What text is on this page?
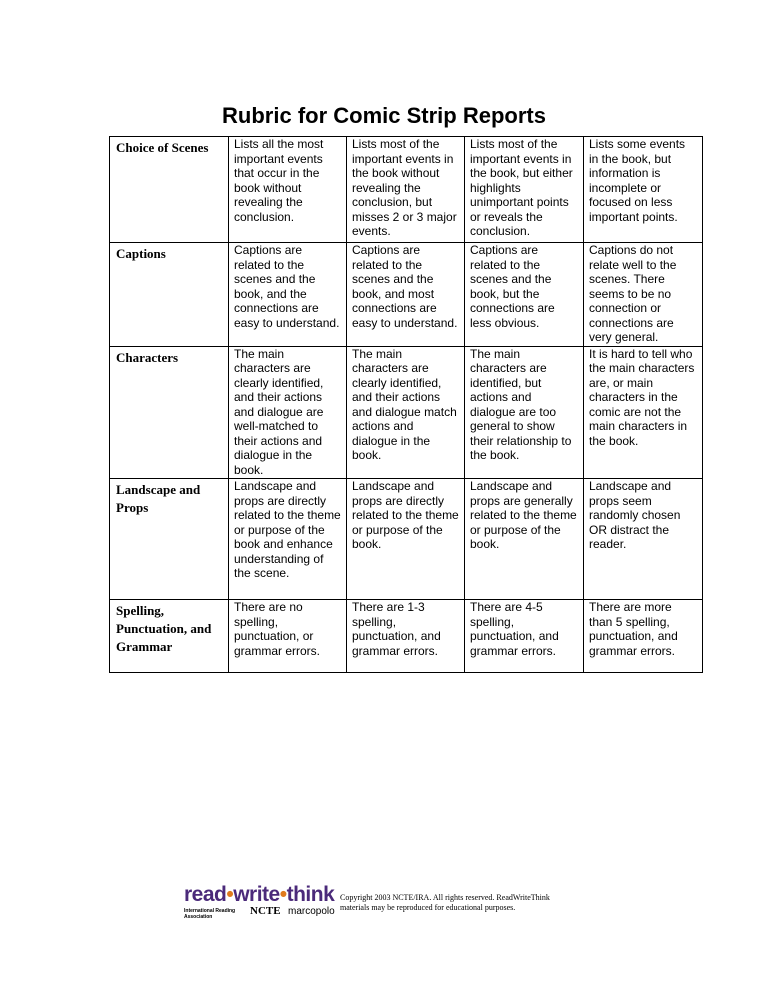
Rubric for Comic Strip Reports
Choice of Scenes	Lists all the most important events that occur in the book without revealing the conclusion.	Lists most of the important events in the book without revealing the conclusion, but misses 2 or 3 major events.	Lists most of the important events in the book, but either highlights unimportant points or reveals the conclusion.	Lists some events in the book, but information is incomplete or focused on less important points.
Captions	Captions are related to the scenes and the book, and the connections are easy to understand.	Captions are related to the scenes and the book, and most connections are easy to understand.	Captions are related to the scenes and the book, but the connections are less obvious.	Captions do not relate well to the scenes. There seems to be no connection or connections are very general.
Characters	The main characters are clearly identified, and their actions and dialogue are well-matched to their actions and dialogue in the book.	The main characters are clearly identified, and their actions and dialogue match actions and dialogue in the book.	The main characters are identified, but actions and dialogue are too general to show their relationship to the book.	It is hard to tell who the main characters are, or main characters in the comic are not the main characters in the book.
Landscape and Props	Landscape and props are directly related to the theme or purpose of the book and enhance understanding of the scene.	Landscape and props are directly related to the theme or purpose of the book.	Landscape and props are generally related to the theme or purpose of the book.	Landscape and props seem randomly chosen OR distract the reader.
Spelling, Punctuation, and Grammar	There are no spelling, punctuation, or grammar errors.	There are 1-3 spelling, punctuation, and grammar errors.	There are 4-5 spelling, punctuation, and grammar errors.	There are more than 5 spelling, punctuation, and grammar errors.
read•write•think
International Reading Association	NCTE marcopolo
Copyright 2003 NCTE/IRA. All rights reserved. ReadWriteThink materials may be reproduced for educational purposes.
